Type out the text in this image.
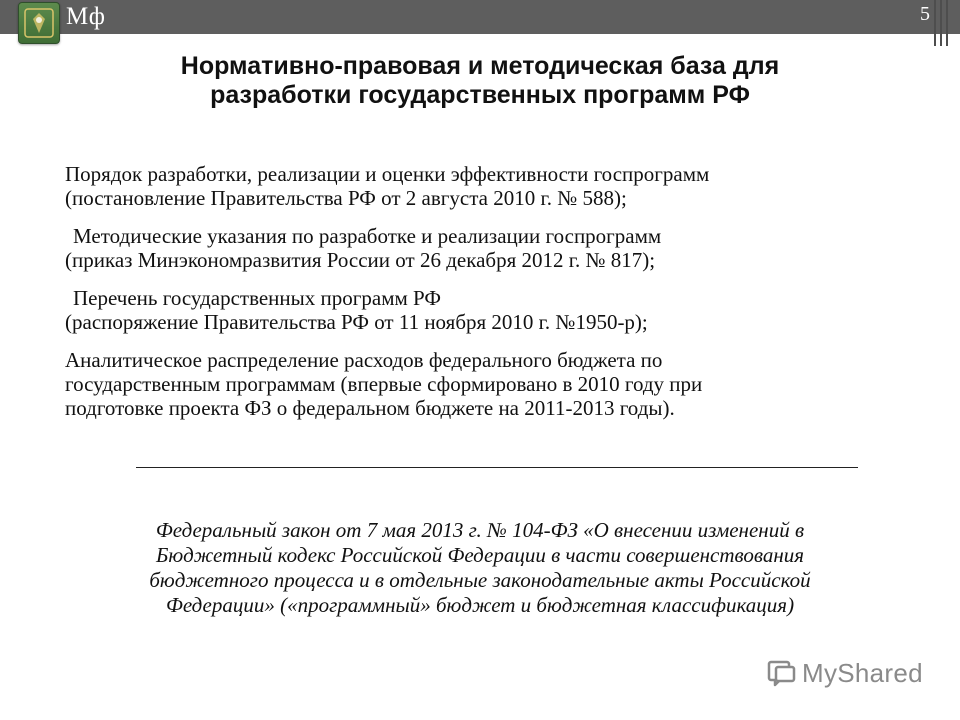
Мф	5
Нормативно-правовая и методическая база для
разработки государственных программ РФ
Порядок разработки, реализации и оценки эффективности госпрограмм
(постановление Правительства РФ от 2 августа 2010 г. № 588);
Методические указания по разработке и реализации госпрограмм
(приказ Минэкономразвития России от 26 декабря 2012 г. № 817);
Перечень государственных программ РФ
(распоряжение Правительства РФ от 11 ноября 2010 г. №1950-р);
Аналитическое распределение расходов федерального бюджета по
государственным программам (впервые сформировано в 2010 году при
подготовке проекта ФЗ о федеральном бюджете на 2011-2013 годы).
Федеральный закон от 7 мая 2013 г. № 104-ФЗ «О внесении изменений в
Бюджетный кодекс Российской Федерации в части совершенствования
бюджетного процесса и в отдельные законодательные акты Российской
Федерации» («программный» бюджет и бюджетная классификация)
MyShared
